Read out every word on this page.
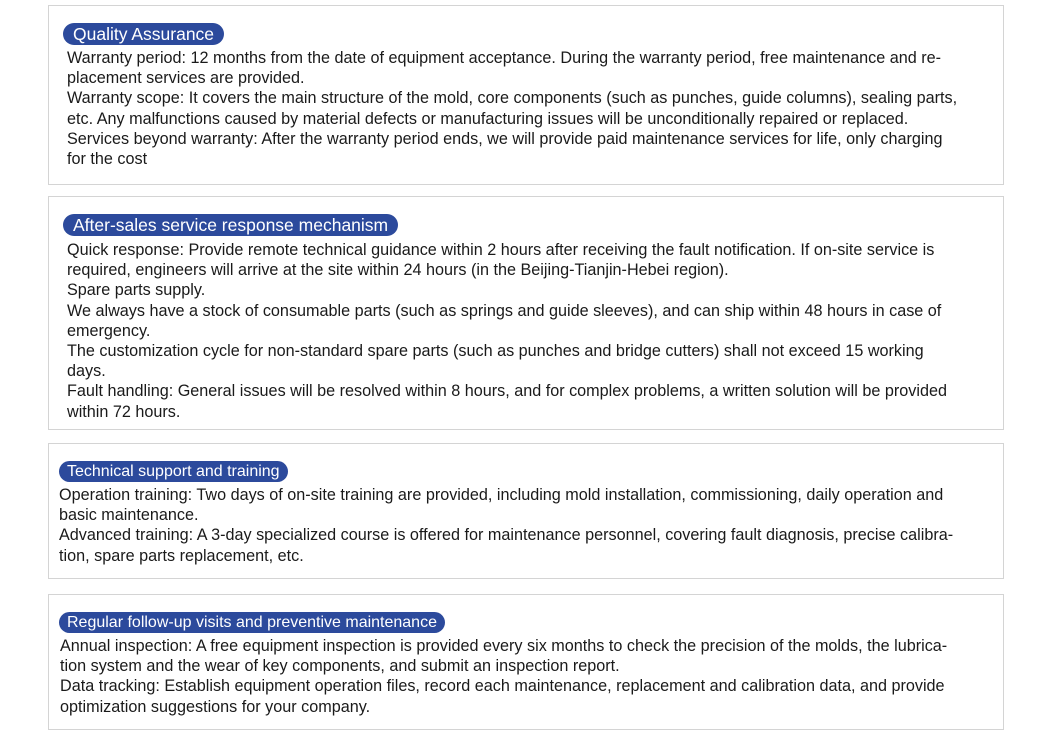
Quality Assurance

Warranty period: 12 months from the date of equipment acceptance. During the warranty period, free maintenance and re-

placement services are provided.

Warranty scope: It covers the main structure of the mold, core components (such as punches, guide columns), sealing parts,

etc. Any malfunctions caused by material defects or manufacturing issues will be unconditionally repaired or replaced.

Services beyond warranty: After the warranty period ends, we will provide paid maintenance services for life, only charging

for the cost

After-sales service response mechanism

Quick response: Provide remote technical guidance within 2 hours after receiving the fault notification. If on-site service is

required, engineers will arrive at the site within 24 hours (in the Beijing-Tianjin-Hebei region).

Spare parts supply.

We always have a stock of consumable parts (such as springs and guide sleeves), and can ship within 48 hours in case of

emergency.

The customization cycle for non-standard spare parts (such as punches and bridge cutters) shall not exceed 15 working

days.

Fault handling: General issues will be resolved within 8 hours, and for complex problems, a written solution will be provided

within 72 hours.

Technical support and training

Operation training: Two days of on-site training are provided, including mold installation, commissioning, daily operation and

basic maintenance.

Advanced training: A 3-day specialized course is offered for maintenance personnel, covering fault diagnosis, precise calibra-

tion, spare parts replacement, etc.

Regular follow-up visits and preventive maintenance

Annual inspection: A free equipment inspection is provided every six months to check the precision of the molds, the lubrica-

tion system and the wear of key components, and submit an inspection report.

Data tracking: Establish equipment operation files, record each maintenance, replacement and calibration data, and provide

optimization suggestions for your company.
